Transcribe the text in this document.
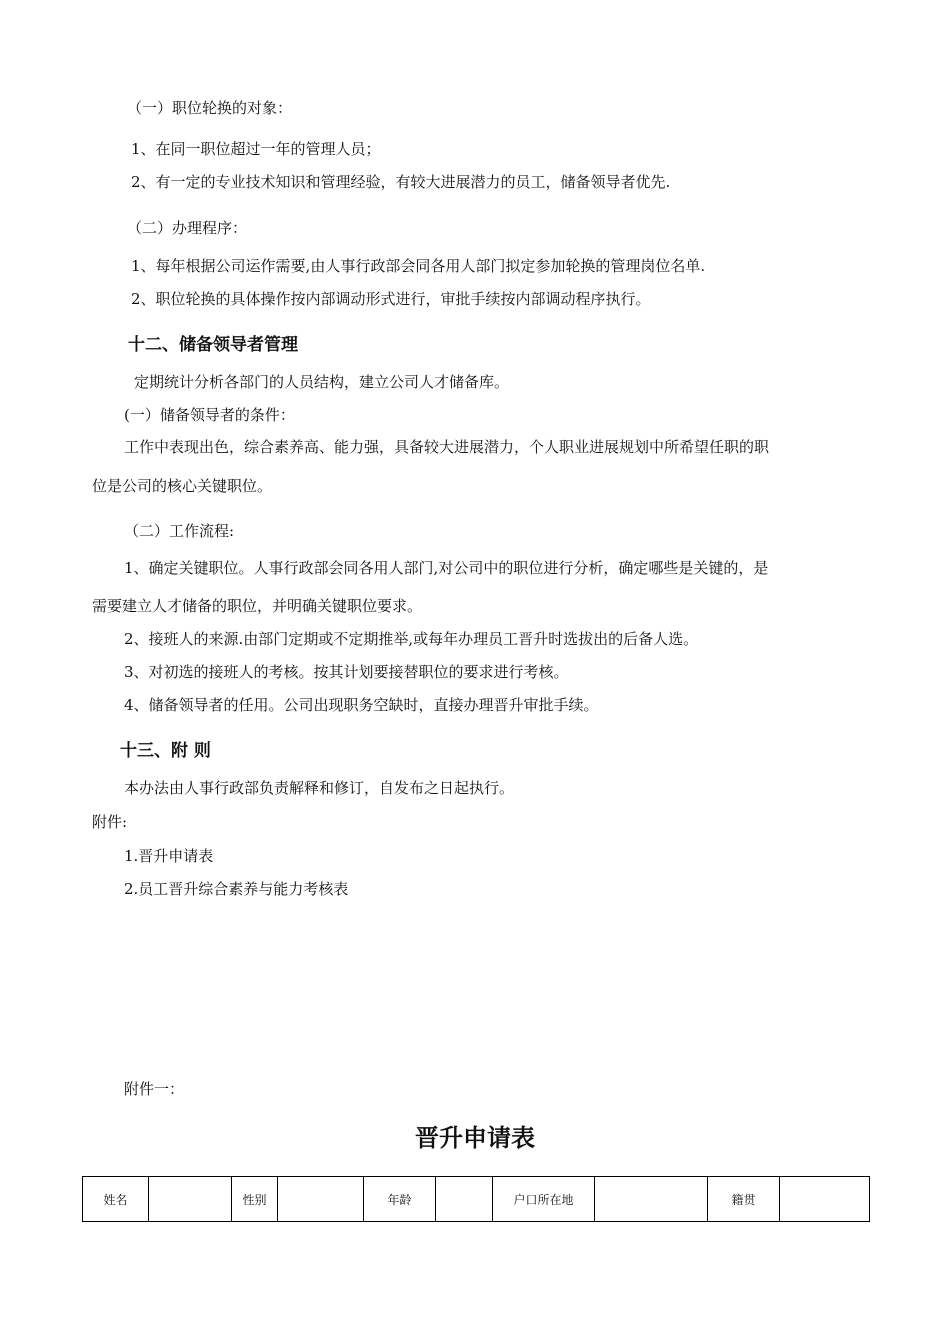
（一）职位轮换的对象：
1、在同一职位超过一年的管理人员；
2、有一定的专业技术知识和管理经验，有较大进展潜力的员工，储备领导者优先.
（二）办理程序：
1、每年根据公司运作需要,由人事行政部会同各用人部门拟定参加轮换的管理岗位名单.
2、职位轮换的具体操作按内部调动形式进行，审批手续按内部调动程序执行。
十二、储备领导者管理
定期统计分析各部门的人员结构，建立公司人才储备库。
(一）储备领导者的条件：
工作中表现出色，综合素养高、能力强，具备较大进展潜力，个人职业进展规划中所希望任职的职
位是公司的核心关键职位。
（二）工作流程:
1、确定关键职位。人事行政部会同各用人部门,对公司中的职位进行分析，确定哪些是关键的，是
需要建立人才储备的职位，并明确关键职位要求。
2、接班人的来源.由部门定期或不定期推举,或每年办理员工晋升时选拔出的后备人选。
3、对初选的接班人的考核。按其计划要接替职位的要求进行考核。
4、储备领导者的任用。公司出现职务空缺时，直接办理晋升审批手续。
十三、附 则
本办法由人事行政部负责解释和修订，自发布之日起执行。
附件:
1.晋升申请表
2.员工晋升综合素养与能力考核表
附件一：
晋升申请表
姓名		性别		年龄		户口所在地		籍贯	
